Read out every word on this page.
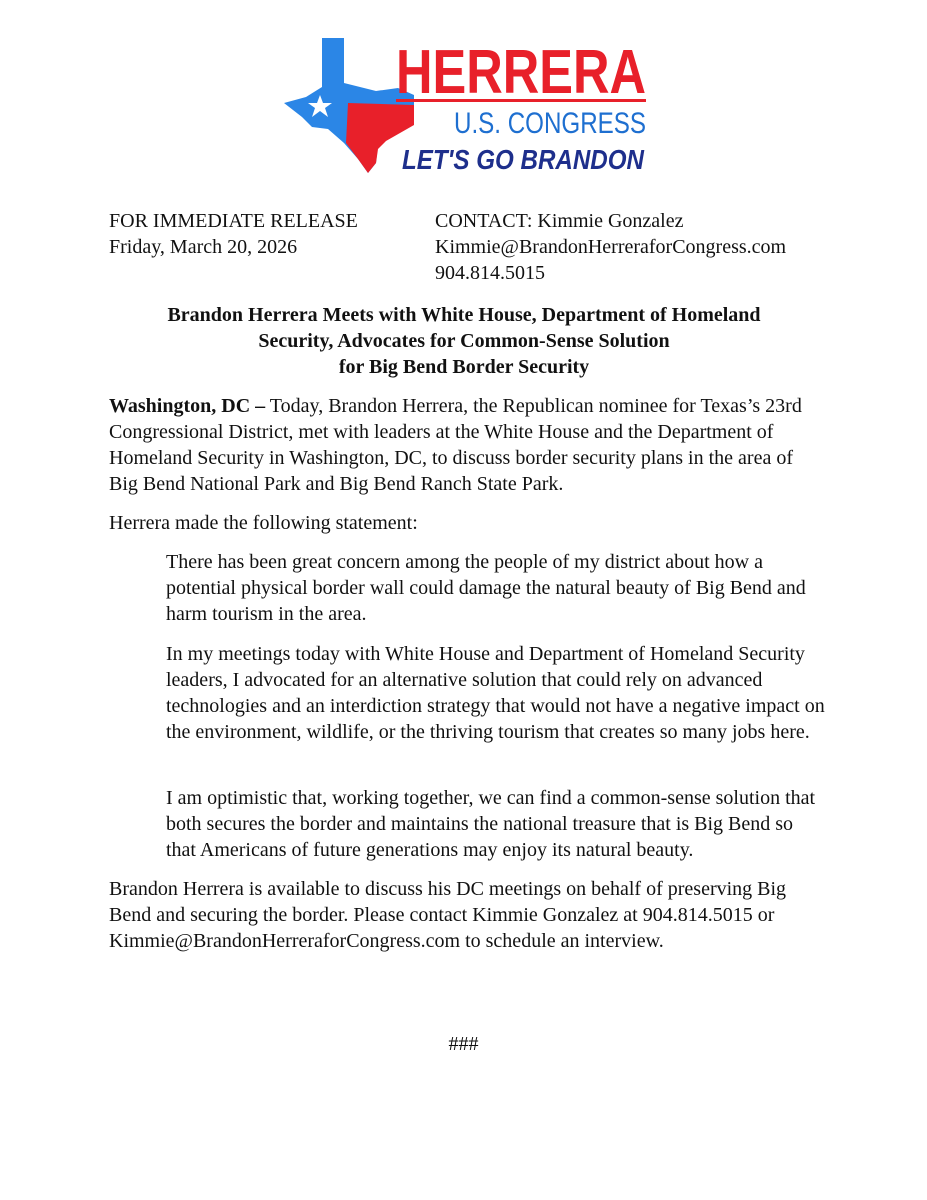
HERRERA
U.S. CONGRESS
LET'S GO BRANDON
FOR IMMEDIATE RELEASE
Friday, March 20, 2026
CONTACT: Kimmie Gonzalez
Kimmie@BrandonHerreraforCongress.com
904.814.5015
Brandon Herrera Meets with White House, Department of Homeland
Security, Advocates for Common-Sense Solution
for Big Bend Border Security
Washington, DC – Today, Brandon Herrera, the Republican nominee for Texas’s 23rd Congressional District, met with leaders at the White House and the Department of Homeland Security in Washington, DC, to discuss border security plans in the area of Big Bend National Park and Big Bend Ranch State Park.
Herrera made the following statement:
There has been great concern among the people of my district about how a potential physical border wall could damage the natural beauty of Big Bend and harm tourism in the area.
In my meetings today with White House and Department of Homeland Security leaders, I advocated for an alternative solution that could rely on advanced technologies and an interdiction strategy that would not have a negative impact on the environment, wildlife, or the thriving tourism that creates so many jobs here.
I am optimistic that, working together, we can find a common-sense solution that both secures the border and maintains the national treasure that is Big Bend so that Americans of future generations may enjoy its natural beauty.
Brandon Herrera is available to discuss his DC meetings on behalf of preserving Big Bend and securing the border. Please contact Kimmie Gonzalez at 904.814.5015 or Kimmie@BrandonHerreraforCongress.com to schedule an interview.
###
